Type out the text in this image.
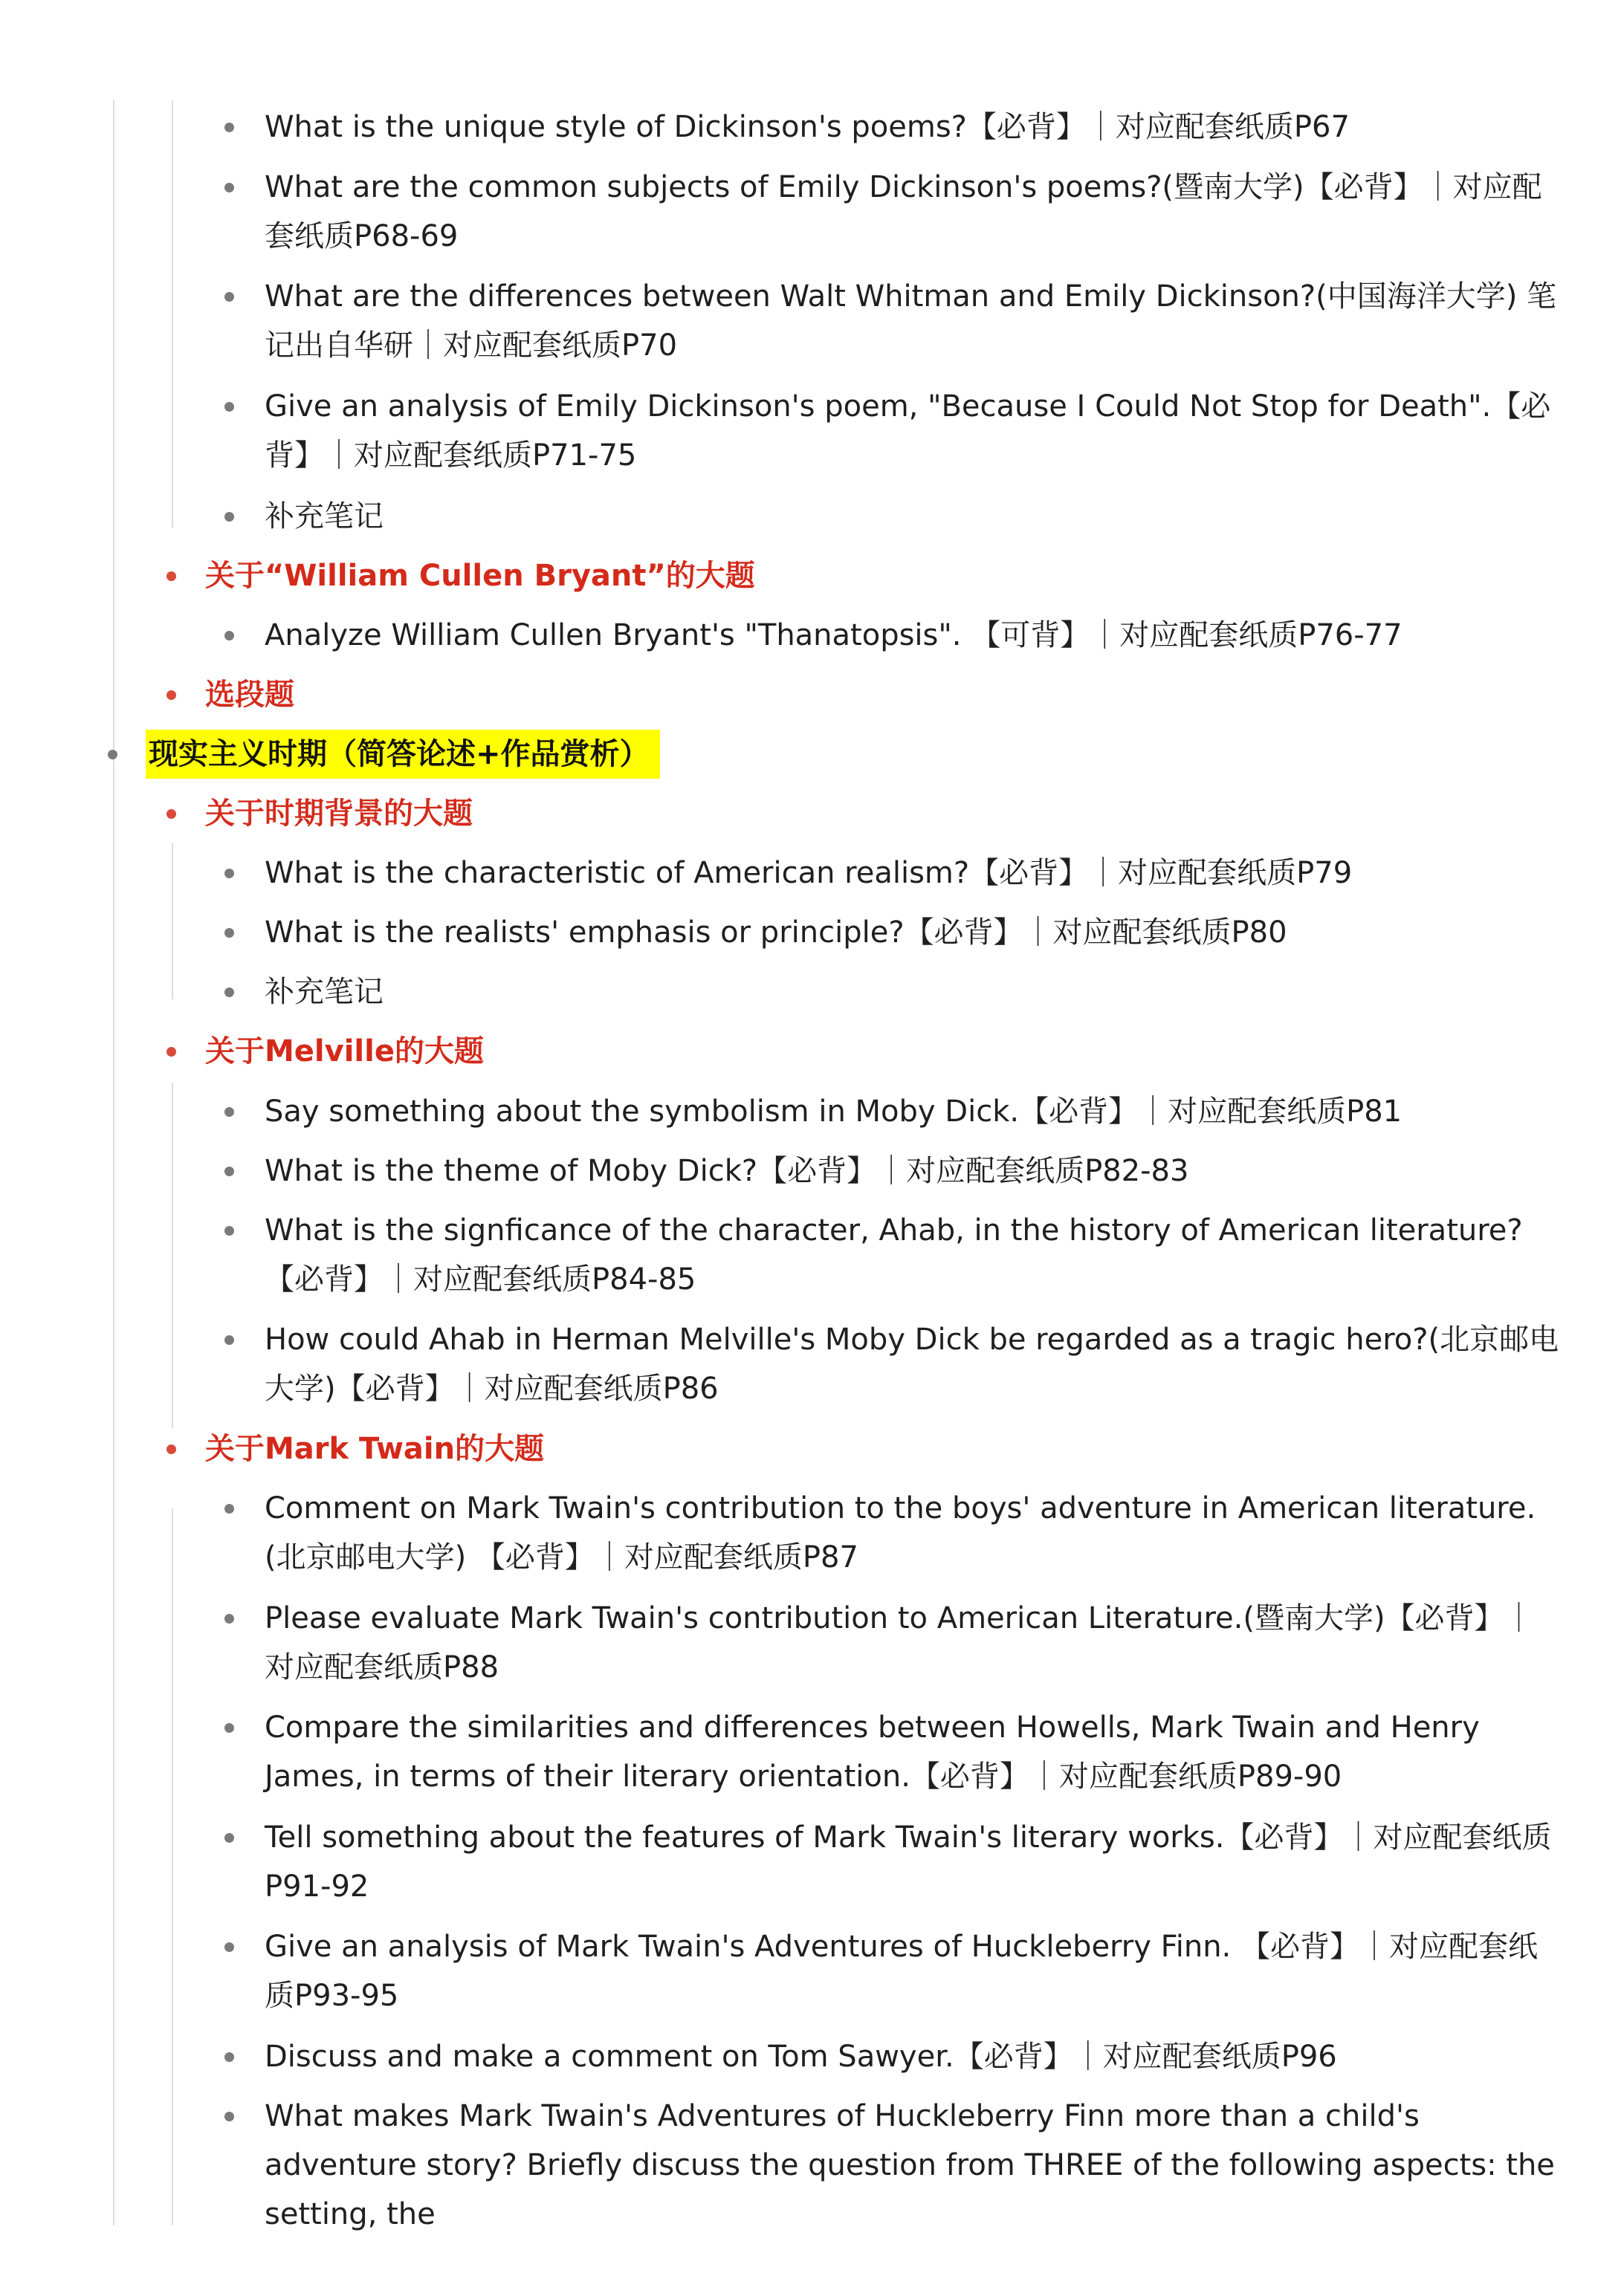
What is the unique style of Dickinson's poems?【必背】｜对应配套纸质P67
What are the common subjects of Emily Dickinson's poems?(暨南大学)【必背】｜对应配套纸质P68-69
What are the differences between Walt Whitman and Emily Dickinson?(中国海洋大学) 笔记出自华研｜对应配套纸质P70
Give an analysis of Emily Dickinson's poem, "Because I Could Not Stop for Death".【必背】｜对应配套纸质P71-75
补充笔记
关于“William Cullen Bryant”的大题
Analyze William Cullen Bryant's "Thanatopsis". 【可背】｜对应配套纸质P76-77
选段题
现实主义时期（简答论述+作品赏析）
关于时期背景的大题
What is the characteristic of American realism?【必背】｜对应配套纸质P79
What is the realists' emphasis or principle?【必背】｜对应配套纸质P80
补充笔记
关于Melville的大题
Say something about the symbolism in Moby Dick.【必背】｜对应配套纸质P81
What is the theme of Moby Dick?【必背】｜对应配套纸质P82-83
What is the signficance of the character, Ahab, in the history of American literature?【必背】｜对应配套纸质P84-85
How could Ahab in Herman Melville's Moby Dick be regarded as a tragic hero?(北京邮电大学)【必背】｜对应配套纸质P86
关于Mark Twain的大题
Comment on Mark Twain's contribution to the boys' adventure in American literature.(北京邮电大学) 【必背】｜对应配套纸质P87
Please evaluate Mark Twain's contribution to American Literature.(暨南大学)【必背】｜对应配套纸质P88
Compare the similarities and differences between Howells, Mark Twain and Henry James, in terms of their literary orientation.【必背】｜对应配套纸质P89-90
Tell something about the features of Mark Twain's literary works.【必背】｜对应配套纸质P91-92
Give an analysis of Mark Twain's Adventures of Huckleberry Finn. 【必背】｜对应配套纸质P93-95
Discuss and make a comment on Tom Sawyer.【必背】｜对应配套纸质P96
What makes Mark Twain's Adventures of Huckleberry Finn more than a child's adventure story? Briefly discuss the question from THREE of the following aspects: the setting, the
